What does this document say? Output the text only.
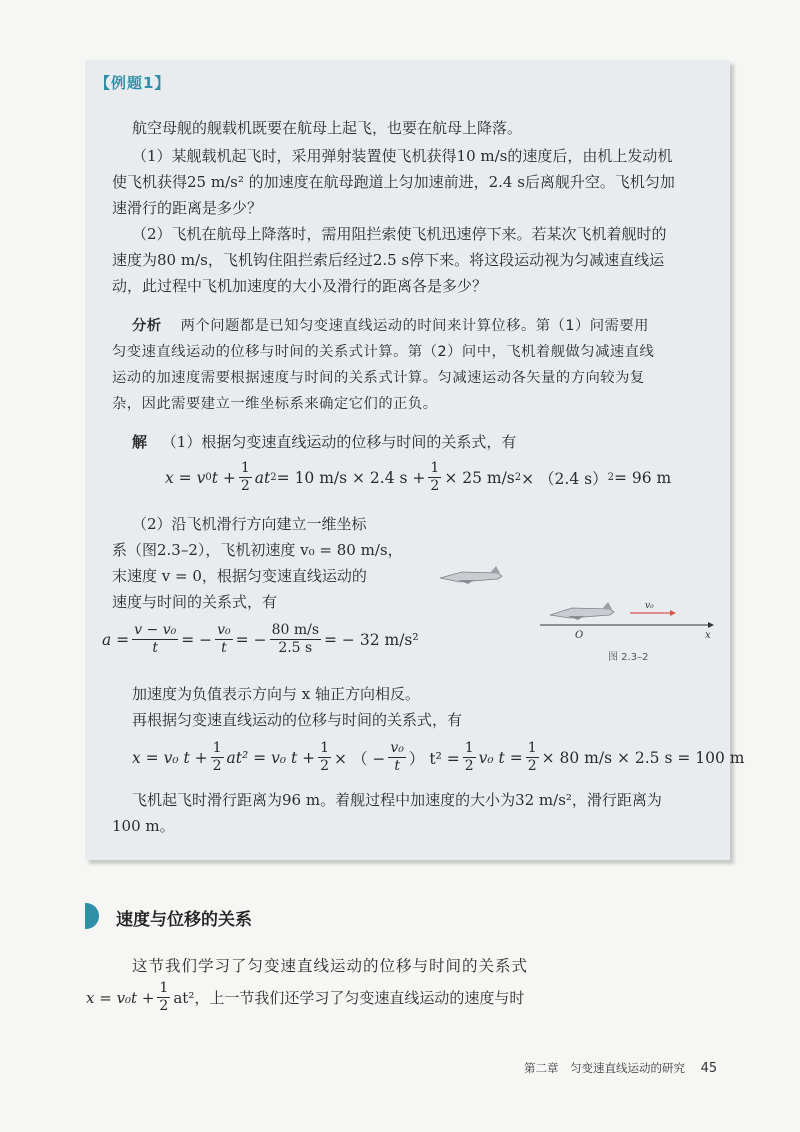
【例题1】
航空母舰的舰载机既要在航母上起飞，也要在航母上降落。
（1）某舰载机起飞时，采用弹射装置使飞机获得10 m/s的速度后，由机上发动机
使飞机获得25 m/s² 的加速度在航母跑道上匀加速前进，2.4 s后离舰升空。飞机匀加
速滑行的距离是多少？
（2）飞机在航母上降落时，需用阻拦索使飞机迅速停下来。若某次飞机着舰时的
速度为80 m/s，飞机钩住阻拦索后经过2.5 s停下来。将这段运动视为匀减速直线运
动，此过程中飞机加速度的大小及滑行的距离各是多少？
分析 两个问题都是已知匀变速直线运动的时间来计算位移。第（1）问需要用
匀变速直线运动的位移与时间的关系式计算。第（2）问中，飞机着舰做匀减速直线
运动的加速度需要根据速度与时间的关系式计算。匀减速运动各矢量的方向较为复
杂，因此需要建立一维坐标系来确定它们的正负。
解 （1）根据匀变速直线运动的位移与时间的关系式，有
x = v 0 $t + \frac{1}{2}$ at 2 = 10 m/s × 2.4 $s + \frac{1}{2} \times 25$ m/s 2 × （2.4 s） 2 = 96 m
（2）沿飞机滑行方向建立一维坐标
系（图2.3–2），飞机初速度 v₀ = 80 m/s，
末速度 v = 0，根据匀变速直线运动的
速度与时间的关系式，有
$a = \frac{\text{v − v₀}}{t}$ = − $\frac{\text{v₀}}{t}$ = − $\frac{80 m/s}{2.5 s}$ = − 32 m/s²
v₀
O	x
图 2.3–2
加速度为负值表示方向与 x 轴正方向相反。
再根据匀变速直线运动的位移与时间的关系式，有
x = v₀ $t + \frac{1}{2} at^2 = v_0$ $t + \frac{1}{2}$ × （ − $\frac{\text{v₀}}{t}$ ） $t^2 = \frac{1}{2} v_0$ $t = \frac{1}{2} \times 80$ m/s × 2.5 s = 100 m
飞机起飞时滑行距离为96 m。着舰过程中加速度的大小为32 m/s²，滑行距离为
100 m。
速度与位移的关系
这节我们学习了匀变速直线运动的位移与时间的关系式
$x = v_0t + \frac{1}{2} at^2$，上一节我们还学习了匀变速直线运动的速度与时
第二章　匀变速直线运动的研究 45
